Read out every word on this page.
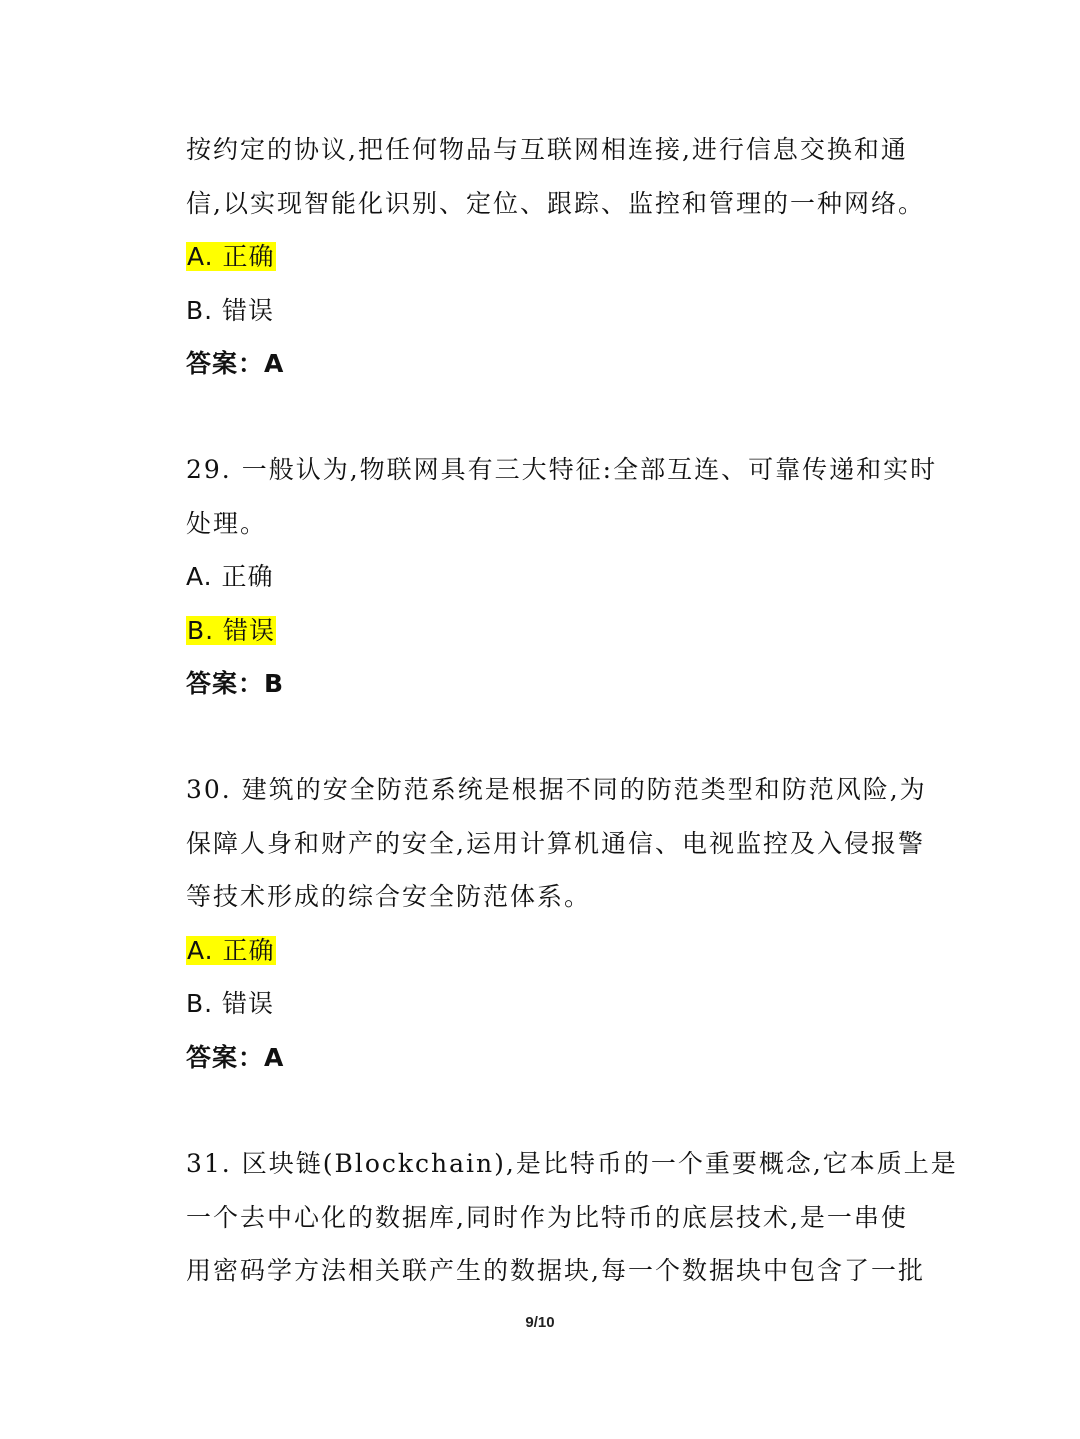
按约定的协议,把任何物品与互联网相连接,进行信息交换和通
信,以实现智能化识别、定位、跟踪、监控和管理的一种网络。
A. 正确
B. 错误
答案：A
29. 一般认为,物联网具有三大特征:全部互连、可靠传递和实时
处理。
A. 正确
B. 错误
答案：B
30. 建筑的安全防范系统是根据不同的防范类型和防范风险,为
保障人身和财产的安全,运用计算机通信、电视监控及入侵报警
等技术形成的综合安全防范体系。
A. 正确
B. 错误
答案：A
31. 区块链(Blockchain),是比特币的一个重要概念,它本质上是
一个去中心化的数据库,同时作为比特币的底层技术,是一串使
用密码学方法相关联产生的数据块,每一个数据块中包含了一批
9/10
